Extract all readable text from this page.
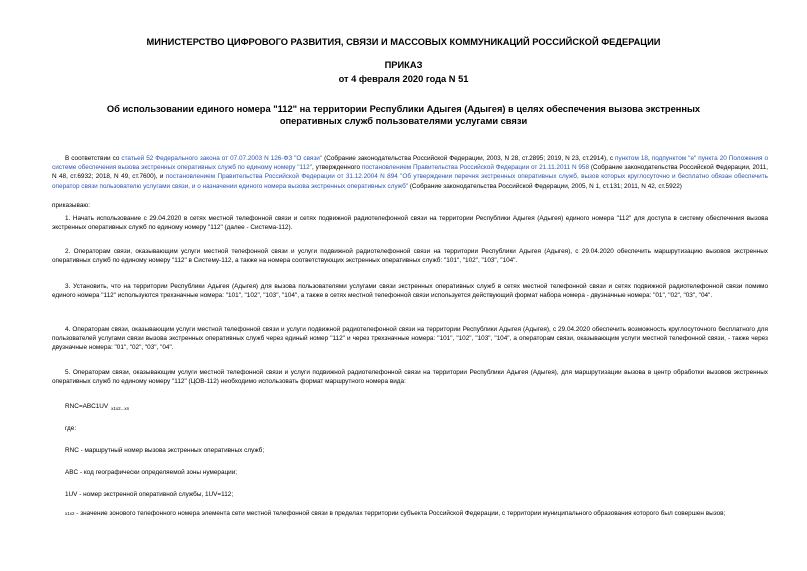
МИНИСТЕРСТВО ЦИФРОВОГО РАЗВИТИЯ, СВЯЗИ И МАССОВЫХ КОММУНИКАЦИЙ РОССИЙСКОЙ ФЕДЕРАЦИИ
ПРИКАЗ
от 4 февраля 2020 года N 51
Об использовании единого номера "112" на территории Республики Адыгея (Адыгея) в целях обеспечения вызова экстренных оперативных служб пользователями услугами связи
В соответствии со статьей 52 Федерального закона от 07.07.2003 N 126-ФЗ "О связи" (Собрание законодательства Российской Федерации, 2003, N 28, ст.2895; 2019, N 23, ст.2914), с пунктом 18, подпунктом "е" пункта 20 Положения о системе обеспечения вызова экстренных оперативных служб по единому номеру "112", утвержденного постановлением Правительства Российской Федерации от 21.11.2011 N 958 (Собрание законодательства Российской Федерации, 2011, N 48, ст.6932; 2018, N 49, ст.7600), и постановлением Правительства Российской Федерации от 31.12.2004 N 894 "Об утверждении перечня экстренных оперативных служб, вызов которых круглосуточно и бесплатно обязан обеспечить оператор связи пользователю услугами связи, и о назначении единого номера вызова экстренных оперативных служб" (Собрание законодательства Российской Федерации, 2005, N 1, ст.131; 2011, N 42, ст.5922)
приказываю:
1. Начать использование с 29.04.2020 в сетях местной телефонной связи и сетях подвижной радиотелефонной связи на территории Республики Адыгея (Адыгея) единого номера "112" для доступа в систему обеспечения вызова экстренных оперативных служб по единому номеру "112" (далее - Система-112).
2. Операторам связи, оказывающим услуги местной телефонной связи и услуги подвижной радиотелефонной связи на территории Республики Адыгея (Адыгея), с 29.04.2020 обеспечить маршрутизацию вызовов экстренных оперативных служб по единому номеру "112" в Систему-112, а также на номера соответствующих экстренных оперативных служб: "101", "102", "103", "104".
3. Установить, что на территории Республики Адыгея (Адыгея) для вызова пользователями услугами связи экстренных оперативных служб в сетях местной телефонной связи и сетях подвижной радиотелефонной связи помимо единого номера "112" используются трехзначные номера: "101", "102", "103", "104", а также в сетях местной телефонной связи используется действующий формат набора номера - двузначные номера: "01", "02", "03", "04".
4. Операторам связи, оказывающим услуги местной телефонной связи и услуги подвижной радиотелефонной связи на территории Республики Адыгея (Адыгея), с 29.04.2020 обеспечить возможность круглосуточного бесплатного для пользователей услугами связи вызова экстренных оперативных служб через единый номер "112" и через трехзначные номера: "101", "102", "103", "104", а операторам связи, оказывающим услуги местной телефонной связи, - также через двузначные номера: "01", "02", "03", "04".
5. Операторам связи, оказывающим услуги местной телефонной связи и услуги подвижной радиотелефонной связи на территории Республики Адыгея (Адыгея), для маршрутизации вызова в центр обработки вызовов экстренных оперативных служб по единому номеру "112" (ЦОВ-112) необходимо использовать формат маршрутного номера вида:
RNC=ABC1UV $_{x1x2...xn}$
где:
RNC - маршрутный номер вызова экстренных оперативных служб;
ABC - код географически определяемой зоны нумерации;
1UV - номер экстренной оперативной службы, 1UV=112;
x1x2 - значение зонового телефонного номера элемента сети местной телефонной связи в пределах территории субъекта Российской Федерации, с территории муниципального образования которого был совершен вызов;
